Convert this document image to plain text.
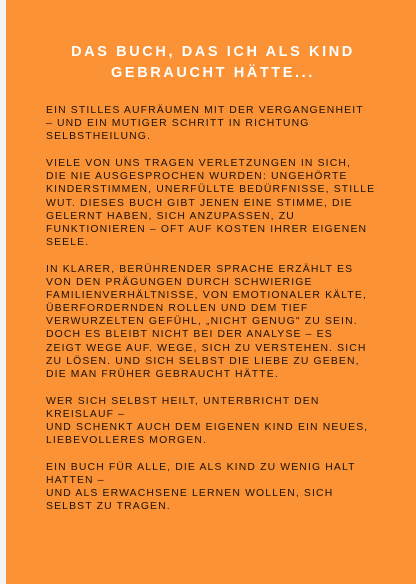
DAS BUCH, DAS ICH ALS KIND
GEBRAUCHT HÄTTE...

EIN STILLES AUFRÄUMEN MIT DER VERGANGENHEIT
– UND EIN MUTIGER SCHRITT IN RICHTUNG
SELBSTHEILUNG.

VIELE VON UNS TRAGEN VERLETZUNGEN IN SICH,
DIE NIE AUSGESPROCHEN WURDEN: UNGEHÖRTE
KINDERSTIMMEN, UNERFÜLLTE BEDÜRFNISSE, STILLE
WUT. DIESES BUCH GIBT JENEN EINE STIMME, DIE
GELERNT HABEN, SICH ANZUPASSEN, ZU
FUNKTIONIEREN – OFT AUF KOSTEN IHRER EIGENEN
SEELE.

IN KLARER, BERÜHRENDER SPRACHE ERZÄHLT ES
VON DEN PRÄGUNGEN DURCH SCHWIERIGE
FAMILIENVERHÄLTNISSE, VON EMOTIONALER KÄLTE,
ÜBERFORDERNDEN ROLLEN UND DEM TIEF
VERWURZELTEN GEFÜHL, „NICHT GENUG" ZU SEIN.
DOCH ES BLEIBT NICHT BEI DER ANALYSE – ES
ZEIGT WEGE AUF. WEGE, SICH ZU VERSTEHEN. SICH
ZU LÖSEN. UND SICH SELBST DIE LIEBE ZU GEBEN,
DIE MAN FRÜHER GEBRAUCHT HÄTTE.

WER SICH SELBST HEILT, UNTERBRICHT DEN
KREISLAUF –
UND SCHENKT AUCH DEM EIGENEN KIND EIN NEUES,
LIEBEVOLLERES MORGEN.

EIN BUCH FÜR ALLE, DIE ALS KIND ZU WENIG HALT
HATTEN –
UND ALS ERWACHSENE LERNEN WOLLEN, SICH
SELBST ZU TRAGEN.
